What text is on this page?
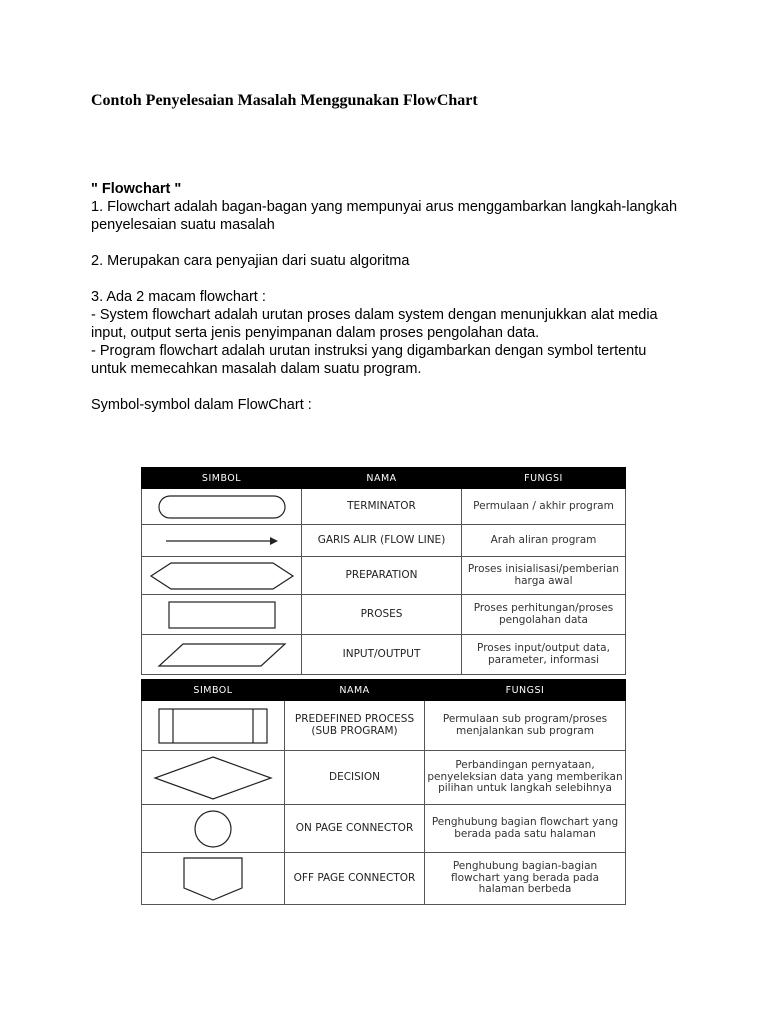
Contoh Penyelesaian Masalah Menggunakan FlowChart

" Flowchart "

1. Flowchart adalah bagan-bagan yang mempunyai arus menggambarkan langkah-langkah penyelesaian suatu masalah

2. Merupakan cara penyajian dari suatu algoritma

3. Ada 2 macam flowchart :

- System flowchart adalah urutan proses dalam system dengan menunjukkan alat media input, output serta jenis penyimpanan dalam proses pengolahan data.

- Program flowchart adalah urutan instruksi yang digambarkan dengan symbol tertentu untuk memecahkan masalah dalam suatu program.

Symbol-symbol dalam FlowChart :

SIMBOL	NAMA	FUNGSI

	TERMINATOR	Permulaan / akhir program

	GARIS ALIR (FLOW LINE)	Arah aliran program

	PREPARATION	Proses inisialisasi/pemberian harga awal

	PROSES	Proses perhitungan/proses pengolahan data

	INPUT/OUTPUT	Proses input/output data, parameter, informasi
SIMBOL	NAMA	FUNGSI

	PREDEFINED PROCESS (SUB PROGRAM)	Permulaan sub program/proses menjalankan sub program

	DECISION	Perbandingan pernyataan, penyeleksian data yang memberikan pilihan untuk langkah selebihnya

	ON PAGE CONNECTOR	Penghubung bagian flowchart yang berada pada satu halaman

	OFF PAGE CONNECTOR	Penghubung bagian-bagian flowchart yang berada pada halaman berbeda
